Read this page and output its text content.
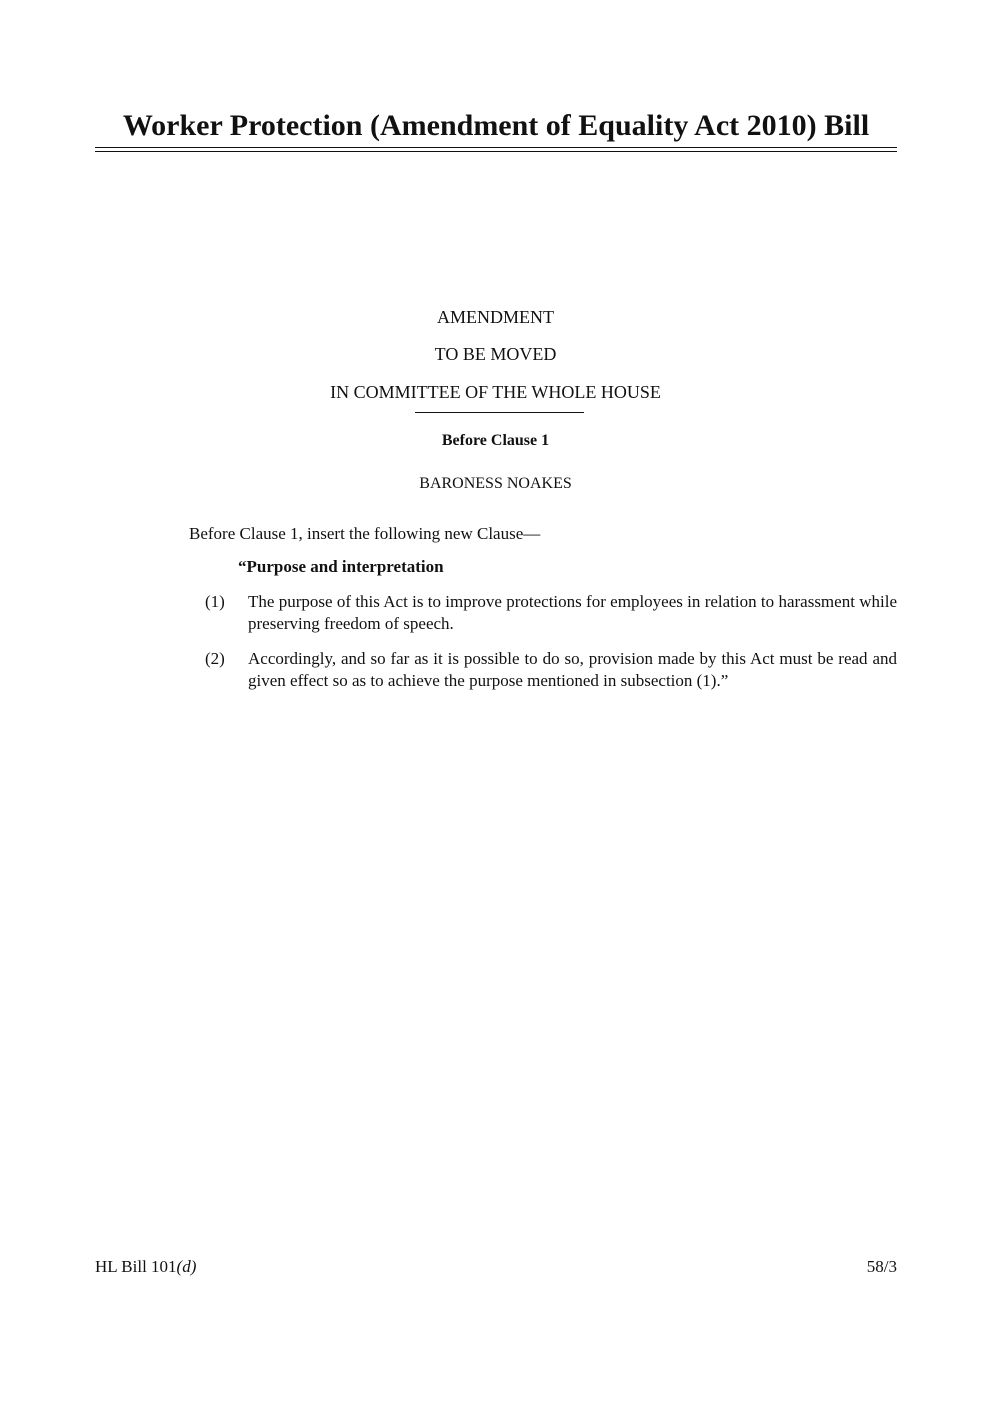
Worker Protection (Amendment of Equality Act 2010) Bill
AMENDMENT
TO BE MOVED
IN COMMITTEE OF THE WHOLE HOUSE
Before Clause 1
BARONESS NOAKES
Before Clause 1, insert the following new Clause—
“Purpose and interpretation
(1)	The purpose of this Act is to improve protections for employees in relation to harassment while preserving freedom of speech.
(2)	Accordingly, and so far as it is possible to do so, provision made by this Act must be read and given effect so as to achieve the purpose mentioned in subsection (1).”
HL Bill 101(d)	58/3
